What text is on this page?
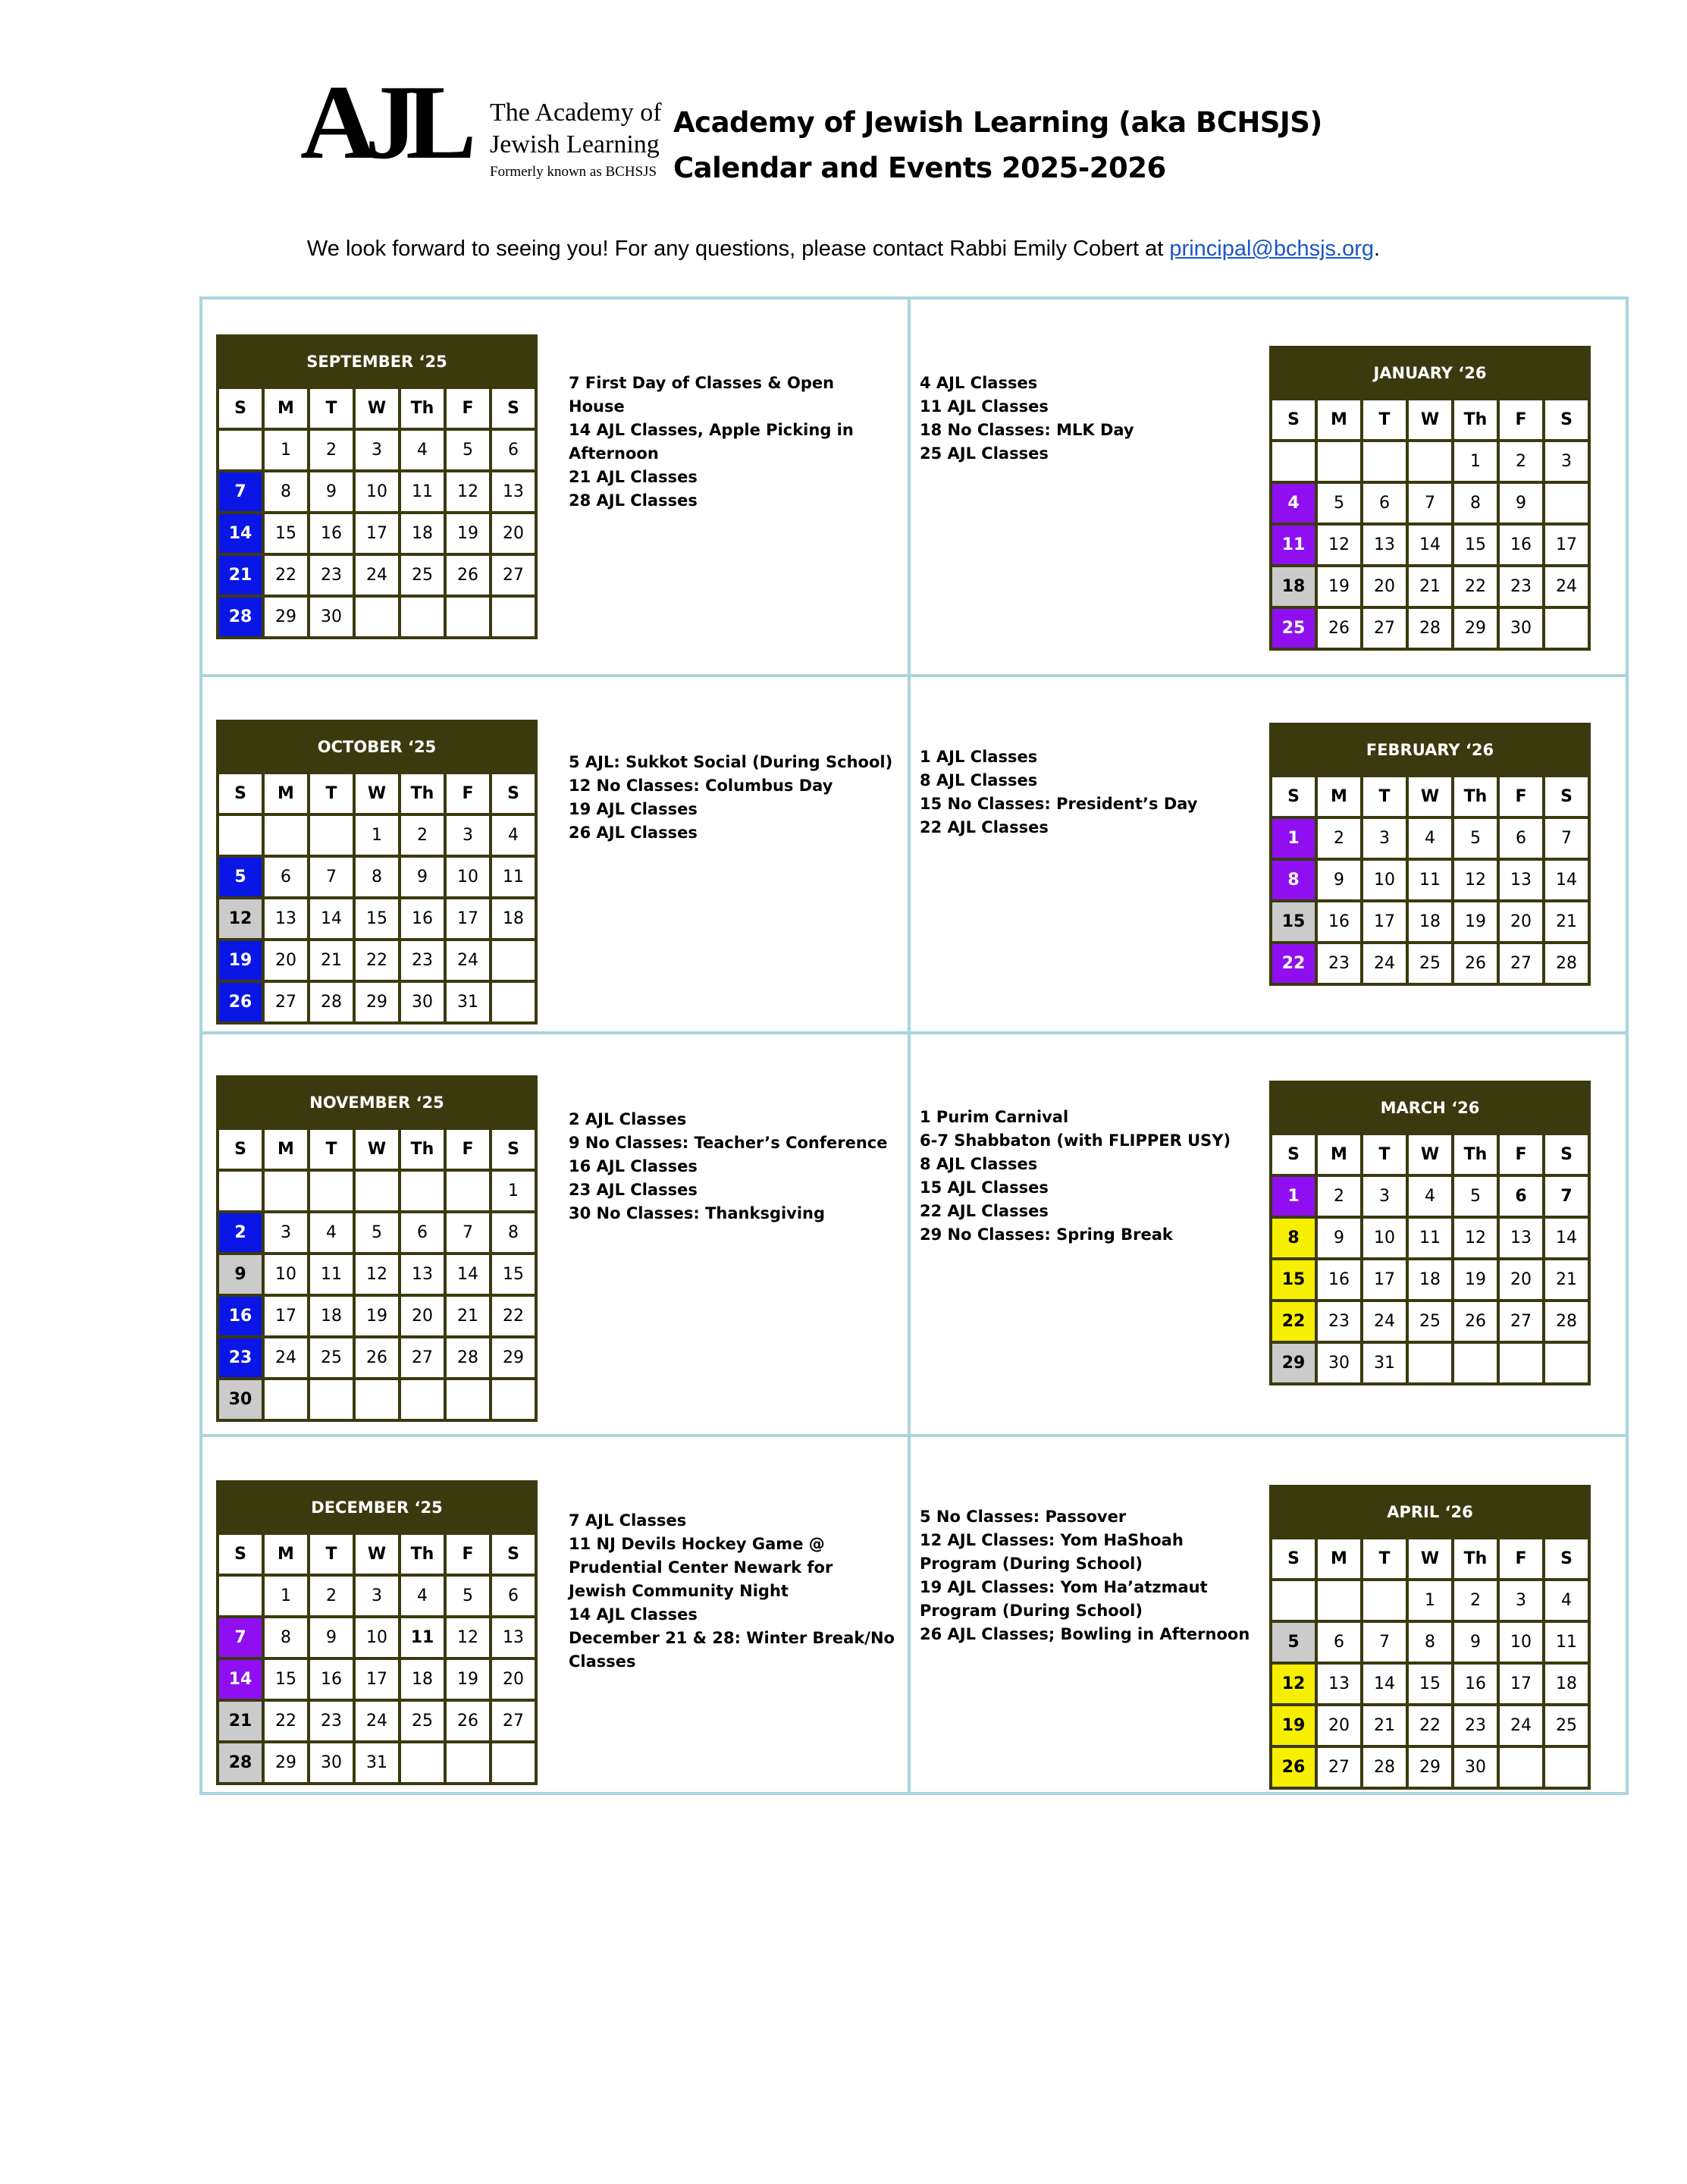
AJL The Academy of
Jewish Learning
Formerly known as BCHSJS
Academy of Jewish Learning (aka BCHSJS)
Calendar and Events 2025-2026
We look forward to seeing you! For any questions, please contact Rabbi Emily Cobert at principal@bchsjs.org.
SEPTEMBER ‘25						
S	M	T	W	Th	F	S
	1	2	3	4	5	6
7	8	9	10	11	12	13
14	15	16	17	18	19	20
21	22	23	24	25	26	27
28	29	30				
7 First Day of Classes & Open House
14 AJL Classes, Apple Picking in Afternoon
21 AJL Classes
28 AJL Classes
JANUARY ‘26						
S	M	T	W	Th	F	S
				1	2	3
4	5	6	7	8	9	
11	12	13	14	15	16	17
18	19	20	21	22	23	24
25	26	27	28	29	30	
4 AJL Classes
11 AJL Classes
18 No Classes: MLK Day
25 AJL Classes
OCTOBER ‘25						
S	M	T	W	Th	F	S
			1	2	3	4
5	6	7	8	9	10	11
12	13	14	15	16	17	18
19	20	21	22	23	24	
26	27	28	29	30	31	
5 AJL: Sukkot Social (During School)
12 No Classes: Columbus Day
19 AJL Classes
26 AJL Classes
FEBRUARY ‘26						
S	M	T	W	Th	F	S
1	2	3	4	5	6	7
8	9	10	11	12	13	14
15	16	17	18	19	20	21
22	23	24	25	26	27	28
1 AJL Classes
8 AJL Classes
15 No Classes: President’s Day
22 AJL Classes
NOVEMBER ‘25						
S	M	T	W	Th	F	S
						1
2	3	4	5	6	7	8
9	10	11	12	13	14	15
16	17	18	19	20	21	22
23	24	25	26	27	28	29
30						
2 AJL Classes
9 No Classes: Teacher’s Conference
16 AJL Classes
23 AJL Classes
30 No Classes: Thanksgiving
MARCH ‘26						
S	M	T	W	Th	F	S
1	2	3	4	5	6	7
8	9	10	11	12	13	14
15	16	17	18	19	20	21
22	23	24	25	26	27	28
29	30	31				
1 Purim Carnival
6-7 Shabbaton (with FLIPPER USY)
8 AJL Classes
15 AJL Classes
22 AJL Classes
29 No Classes: Spring Break
DECEMBER ‘25						
S	M	T	W	Th	F	S
	1	2	3	4	5	6
7	8	9	10	11	12	13
14	15	16	17	18	19	20
21	22	23	24	25	26	27
28	29	30	31			
7 AJL Classes
11 NJ Devils Hockey Game @ Prudential Center Newark for Jewish Community Night
14 AJL Classes
December 21 & 28: Winter Break/No Classes
APRIL ‘26						
S	M	T	W	Th	F	S
			1	2	3	4
5	6	7	8	9	10	11
12	13	14	15	16	17	18
19	20	21	22	23	24	25
26	27	28	29	30		
5 No Classes: Passover
12 AJL Classes: Yom HaShoah Program (During School)
19 AJL Classes: Yom Ha’atzmaut Program (During School)
26 AJL Classes; Bowling in Afternoon
